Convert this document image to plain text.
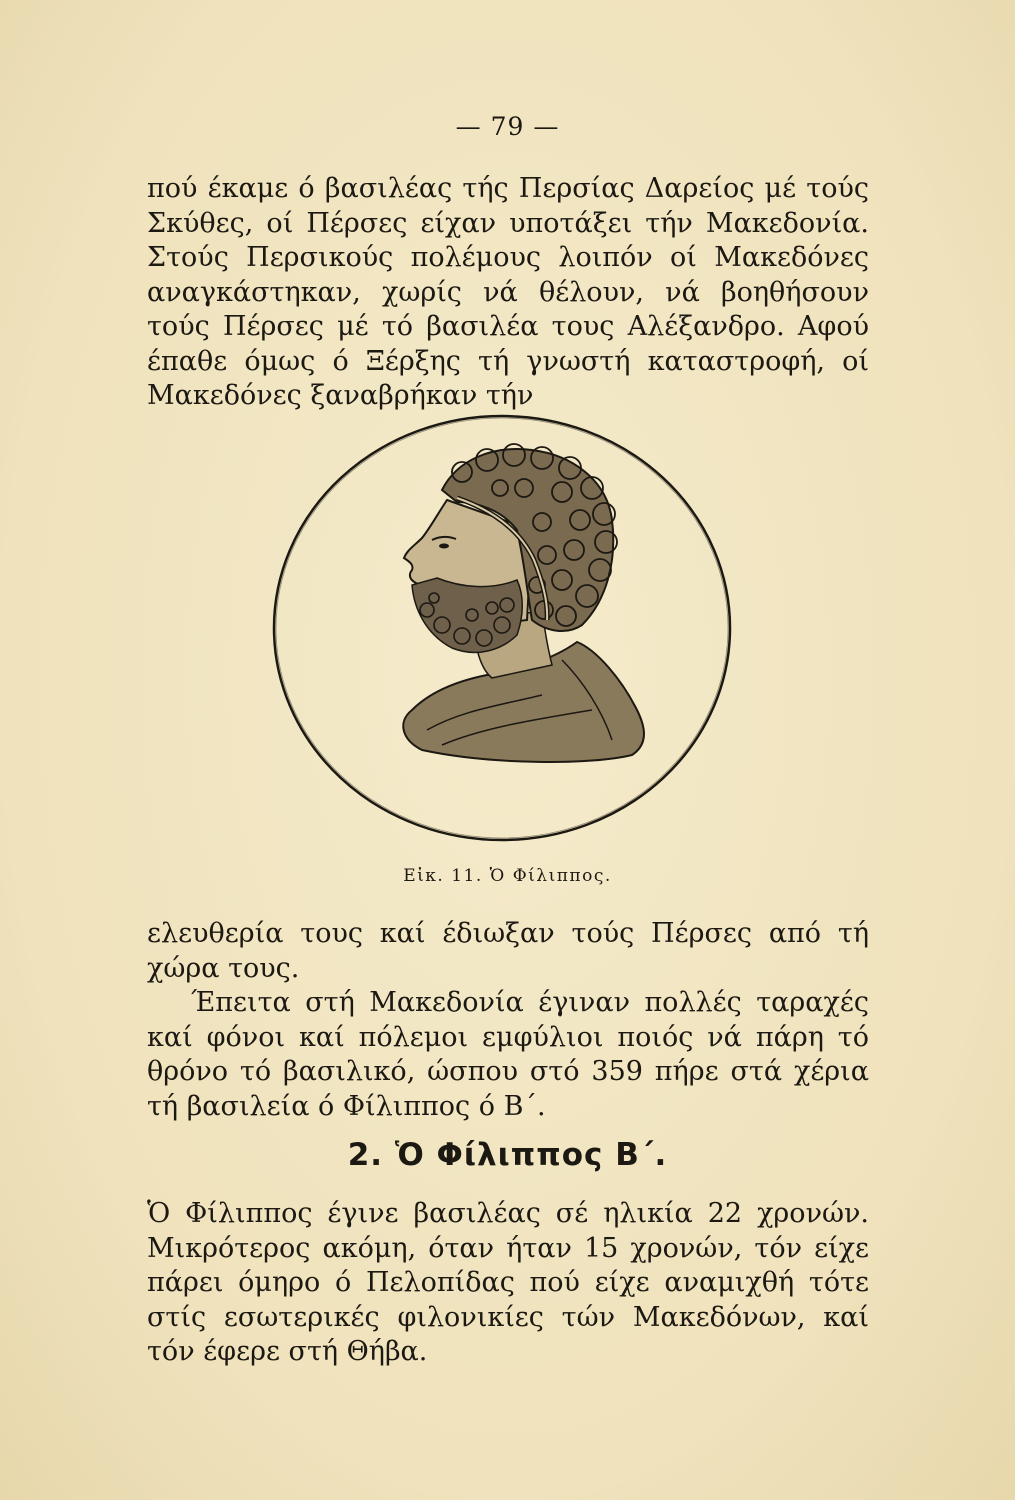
— 79 —

πού έκαμε ό βασιλέας τής Περσίας Δαρείος μέ τούς Σκύθες, οί Πέρσες είχαν υποτάξει τήν Μακεδονία. Στούς Περσικούς πολέμους λοιπόν οί Μακεδόνες αναγκάστηκαν, χωρίς νά θέλουν, νά βοηθήσουν τούς Πέρσες μέ τό βασιλέα τους Αλέξανδρο. Αφού έπαθε όμως ό Ξέρξης τή γνωστή καταστροφή, οί Μακεδόνες ξαναβρήκαν τήν

Εἰκ. 11. Ὁ Φίλιππος.

ελευθερία τους καί έδιωξαν τούς Πέρσες από τή χώρα τους.

Έπειτα στή Μακεδονία έγιναν πολλές ταραχές καί φόνοι καί πόλεμοι εμφύλιοι ποιός νά πάρη τό θρόνο τό βασιλικό, ώσπου στό 359 πήρε στά χέρια τή βασιλεία ό Φίλιππος ό Β΄.

2. Ὁ Φίλιππος Β΄.

Ὁ Φίλιππος έγινε βασιλέας σέ ηλικία 22 χρονών. Μικρότερος ακόμη, όταν ήταν 15 χρονών, τόν είχε πάρει όμηρο ό Πελοπίδας πού είχε αναμιχθή τότε στίς εσωτερικές φιλονικίες τών Μακεδόνων, καί τόν έφερε στή Θήβα.
